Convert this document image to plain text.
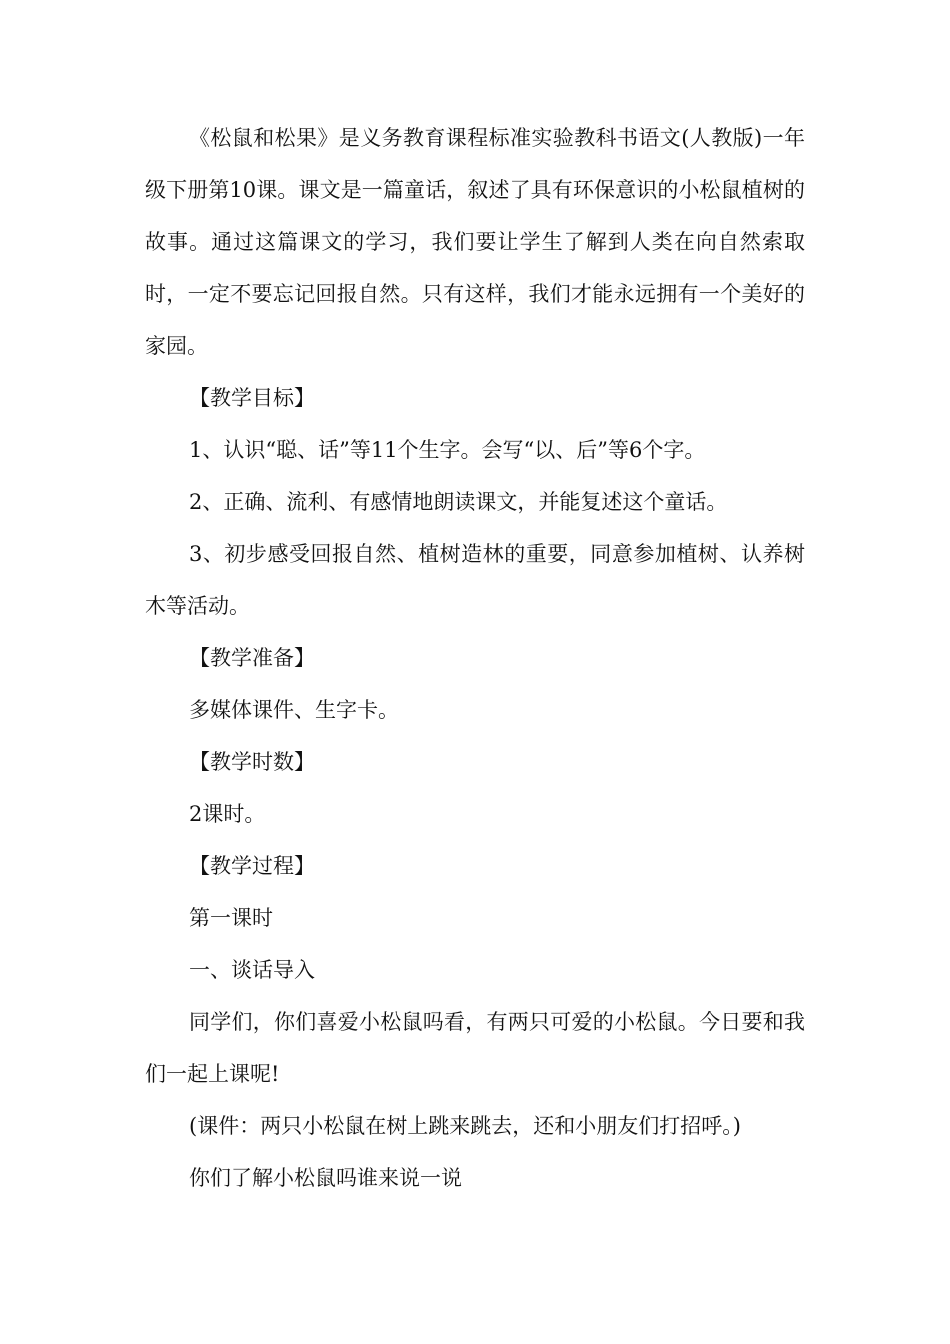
《松鼠和松果》是义务教育课程标准实验教科书语文(人教版)一年级下册第10课。课文是一篇童话，叙述了具有环保意识的小松鼠植树的故事。通过这篇课文的学习，我们要让学生了解到人类在向自然索取时，一定不要忘记回报自然。只有这样，我们才能永远拥有一个美好的家园。

【教学目标】

1、认识“聪、话”等11个生字。会写“以、后”等6个字。

2、正确、流利、有感情地朗读课文，并能复述这个童话。

3、初步感受回报自然、植树造林的重要，同意参加植树、认养树木等活动。

【教学准备】

多媒体课件、生字卡。

【教学时数】

2课时。

【教学过程】

第一课时

一、谈话导入

同学们，你们喜爱小松鼠吗看，有两只可爱的小松鼠。今日要和我们一起上课呢!

(课件：两只小松鼠在树上跳来跳去，还和小朋友们打招呼。)

你们了解小松鼠吗谁来说一说
